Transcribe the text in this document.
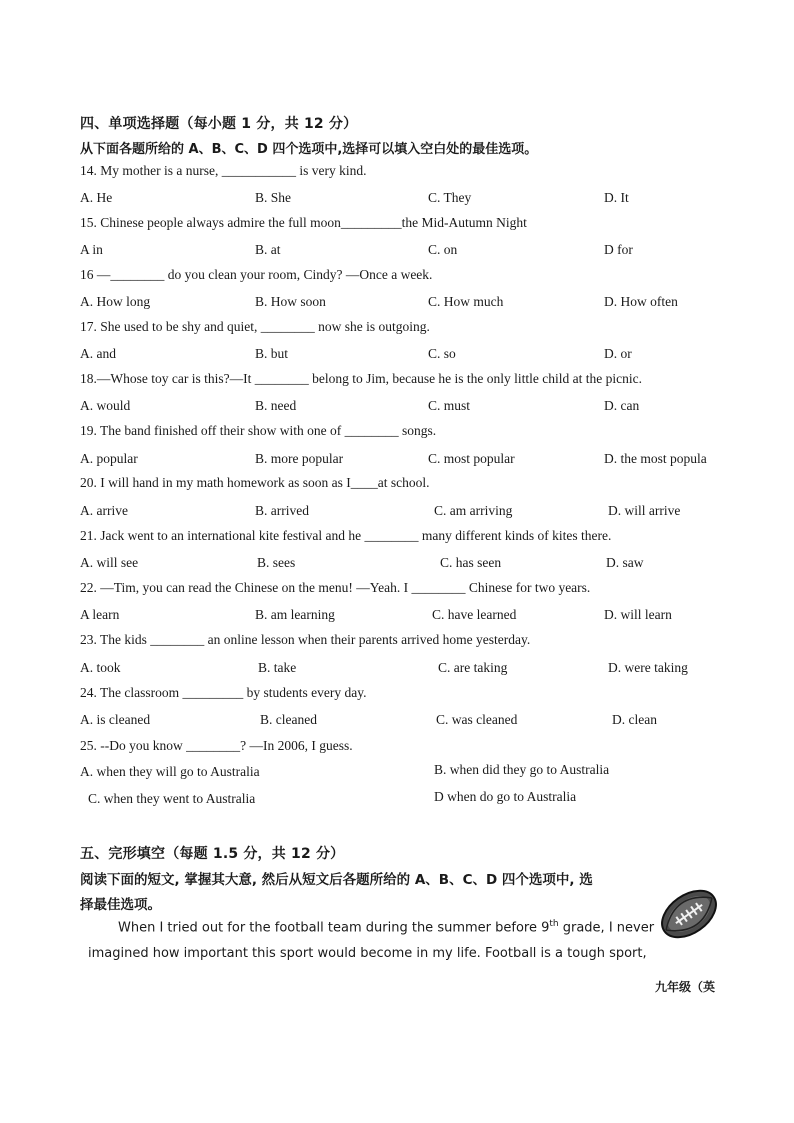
四、单项选择题（每小题 1 分，共 12 分）
从下面各题所给的 A、B、C、D 四个选项中,选择可以填入空白处的最佳选项。
14. My mother is a nurse, ___________ is very kind.
A. He	B. She	C. They	D. It
15. Chinese people always admire the full moon_________the Mid-Autumn Night
A in	B. at	C. on	D for
16 —________ do you clean your room, Cindy? —Once a week.
A. How long	B. How soon	C. How much	D. How often
17. She used to be shy and quiet, ________ now she is outgoing.
A. and	B. but	C. so	D. or
18.—Whose toy car is this?—It ________ belong to Jim, because he is the only little child at the picnic.
A. would	B. need	C. must	D. can
19. The band finished off their show with one of ________ songs.
A. popular	B. more popular	C. most popular	D. the most popula
20. I will hand in my math homework as soon as I____at school.
A. arrive	B. arrived	C. am arriving	D. will arrive
21. Jack went to an international kite festival and he ________ many different kinds of kites there.
A. will see	B. sees	C. has seen	D. saw
22. —Tim, you can read the Chinese on the menu! —Yeah. I ________ Chinese for two years.
A learn	B. am learning	C. have learned	D. will learn
23. The kids ________ an online lesson when their parents arrived home yesterday.
A. took	B. take	C. are taking	D. were taking
24. The classroom _________ by students every day.
A. is cleaned	B. cleaned	C. was cleaned	D. clean
25. --Do you know ________? —In 2006, I guess.
A. when they will go to Australia	B. when did they go to Australia
C. when they went to Australia	D when do go to Australia
五、完形填空（每题 1.5 分，共 12 分）
阅读下面的短文, 掌握其大意, 然后从短文后各题所给的 A、B、C、D 四个选项中, 选
择最佳选项。
When I tried out for the football team during the summer before 9th grade, I never
imagined how important this sport would become in my life. Football is a tough sport,
九年级（英
